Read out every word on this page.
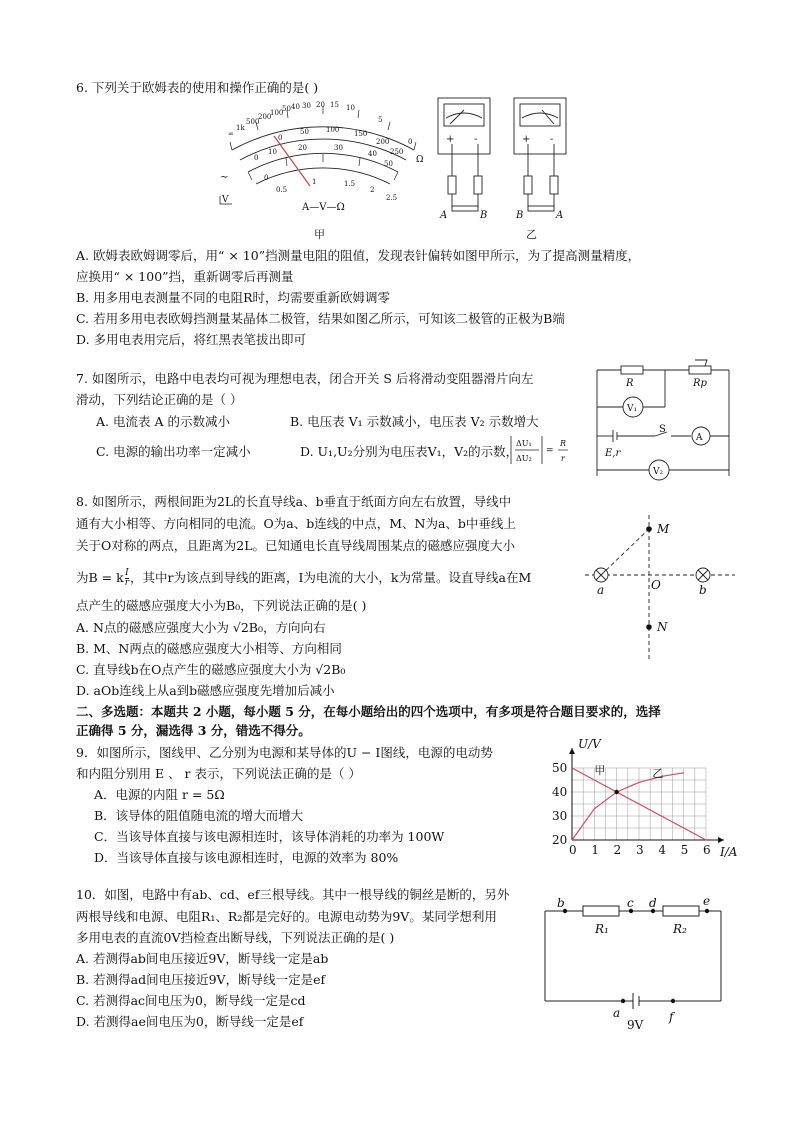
6. 下列关于欧姆表的使用和操作正确的是( )
∞
1k
500
200
100
50 40 30 20 15 10
5
0
Ω
0
50 100 150
200
250
0
10	20	30
40
50
0
0.5
1	1.5
2
2.5
∼
V
A—V—Ω
甲
+ -	+ -
A	B	B	A
乙
A. 欧姆表欧姆调零后，用“ × 10”挡测量电阻的阻值，发现表针偏转如图甲所示，为了提高测量精度，
应换用“ × 100”挡，重新调零后再测量
B. 用多用电表测量不同的电阻R时，均需要重新欧姆调零
C. 若用多用电表欧姆挡测量某晶体二极管，结果如图乙所示，可知该二极管的正极为B端
D. 多用电表用完后，将红黑表笔拔出即可
7. 如图所示，电路中电表均可视为理想电表，闭合开关 S 后将滑动变阻器滑片向左
滑动，下列结论正确的是（ ）
A. 电流表 A 的示数减小	B. 电压表 V₁ 示数减小，电压表 V₂ 示数增大
C. 电源的输出功率一定减小	D. U₁,U₂分别为电压表V₁，V₂的示数，
ΔU₁
ΔU₂
=
R
r
R	Rp
V₁
S
A
E,r
V₂
8. 如图所示，两根间距为2L的长直导线a、b垂直于纸面方向左右放置，导线中
通有大小相等、方向相同的电流。O为a、b连线的中点，M、N为a、b中垂线上
关于O对称的两点，且距离为2L。已知通电长直导线周围某点的磁感应强度大小
为B = k $\frac{I}{r}$ ，其中r为该点到导线的距离，I为电流的大小，k为常量。设直导线a在M
点产生的磁感应强度大小为B₀，下列说法正确的是( )
A. N点的磁感应强度大小为 √2B₀，方向向右
B. M、N两点的磁感应强度大小相等、方向相同
C. 直导线b在O点产生的磁感应强度大小为 √2B₀
D. aOb连线上从a到b磁感应强度先增加后减小
M
N
O
a	b
二、多选题：本题共 2 小题，每小题 5 分，在每小题给出的四个选项中，有多项是符合题目要求的，选择
正确得 5 分，漏选得 3 分，错选不得分。
9．如图所示，图线甲、乙分别为电源和某导体的U − I图线，电源的电动势
和内阻分别用 E 、 r 表示，下列说法正确的是（ ）
A．电源的内阻 r = 5Ω
B．该导体的阻值随电流的增大而增大
C．当该导体直接与该电源相连时，该导体消耗的功率为 100W
D．当该导体直接与该电源相连时，电源的效率为 80%
甲	乙
0 1 2 3 4 5 6
20
30
40
50
U/V
I/A
10．如图，电路中有ab、cd、ef三根导线。其中一根导线的铜丝是断的，另外
两根导线和电源、电阻R₁、R₂都是完好的。电源电动势为9V。某同学想利用
多用电表的直流0V挡检查出断导线，下列说法正确的是( )
A. 若测得ab间电压接近9V，断导线一定是ab
B. 若测得ad间电压接近9V，断导线一定是ef
C. 若测得ac间电压为0，断导线一定是cd
D. 若测得ae间电压为0，断导线一定是ef
b	c d	e
R₁	R₂
a	f
9V
